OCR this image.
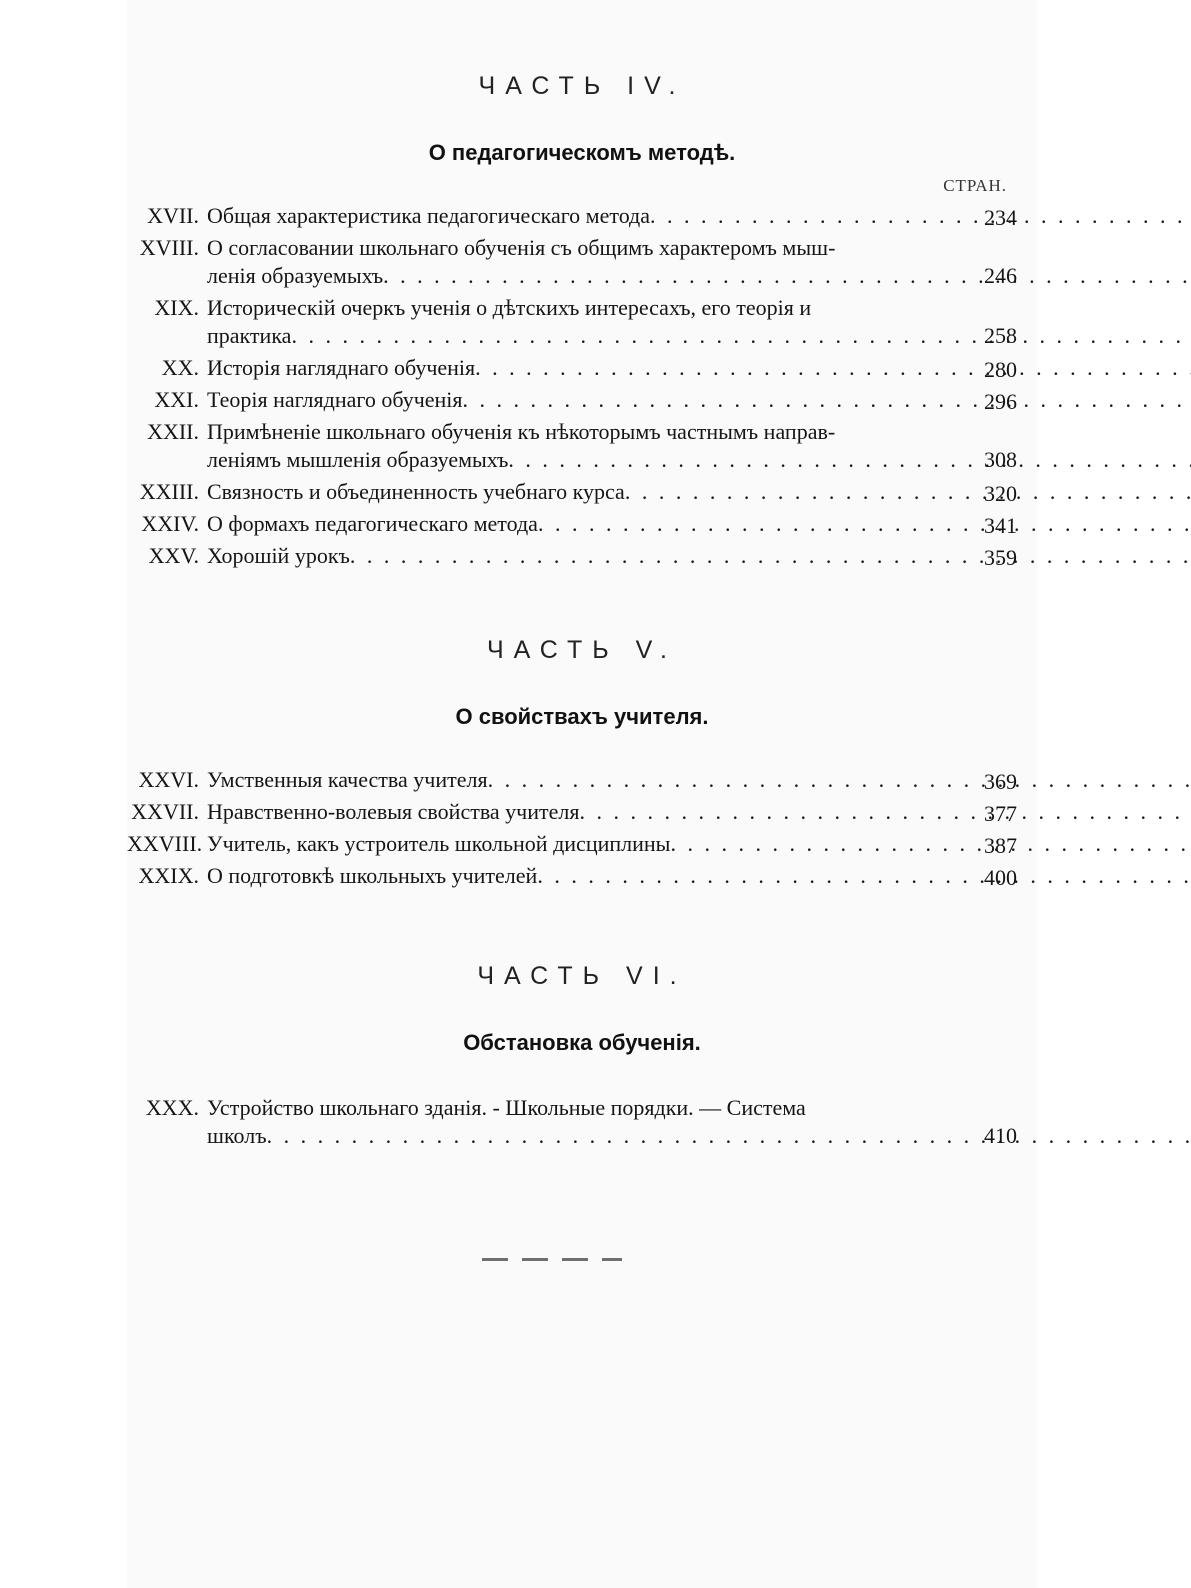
ЧАСТЬ IV.
О педагогическомъ методѣ.
СТРАН.
XVII. Общая характеристика педагогическаго метода . . .	234
XVIII. О согласовании школьнаго обученія съ общимъ характеромъ мыш-
ленія образуемыхъ . . .	246
XIX. Историческій очеркъ ученія о дѣтскихъ интересахъ, его теорія и
практика . . .	258
XX. Исторія нагляднаго обученія . . .	280
XXI. Теорія нагляднаго обученія . . .	296
XXII. Примѣненіе школьнаго обученія къ нѣкоторымъ частнымъ направ-
леніямъ мышленія образуемыхъ . . .	308
XXIII. Связность и объединенность учебнаго курса . . .	320
XXIV. О формахъ педагогическаго метода . . .	341
XXV. Хорошій урокъ . . .	359
ЧАСТЬ V.
О свойствахъ учителя.
XXVI. Умственныя качества учителя . . .	369
XXVII. Нравственно-волевыя свойства учителя . . .	377
XXVIII. Учитель, какъ устроитель школьной дисциплины . . .	387
XXIX. О подготовкѣ школьныхъ учителей . . .	400
ЧАСТЬ VI.
Обстановка обученія.
XXX. Устройство школьнаго зданія. - Школьные порядки. — Система
школъ . . .	410
